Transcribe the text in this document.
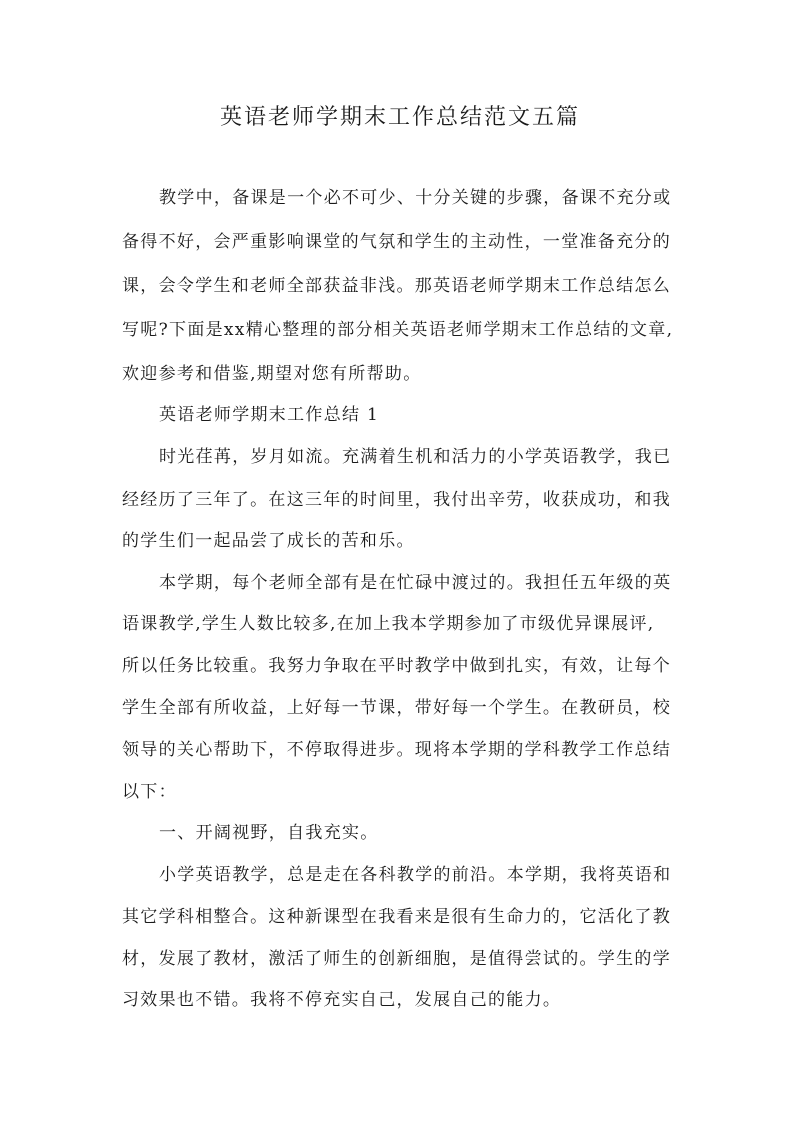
英语老师学期末工作总结范文五篇

教学中，备课是一个必不可少、十分关键的步骤，备课不充分或

备得不好，会严重影响课堂的气氛和学生的主动性，一堂准备充分的

课，会令学生和老师全部获益非浅。那英语老师学期末工作总结怎么

写呢?下面是xx精心整理的部分相关英语老师学期末工作总结的文章,

欢迎参考和借鉴,期望对您有所帮助。

英语老师学期末工作总结 1

时光荏苒，岁月如流。充满着生机和活力的小学英语教学，我已

经经历了三年了。在这三年的时间里，我付出辛劳，收获成功，和我

的学生们一起品尝了成长的苦和乐。

本学期，每个老师全部有是在忙碌中渡过的。我担任五年级的英

语课教学,学生人数比较多,在加上我本学期参加了市级优异课展评,

所以任务比较重。我努力争取在平时教学中做到扎实，有效，让每个

学生全部有所收益，上好每一节课，带好每一个学生。在教研员，校

领导的关心帮助下，不停取得进步。现将本学期的学科教学工作总结

以下：

一、开阔视野，自我充实。

小学英语教学，总是走在各科教学的前沿。本学期，我将英语和

其它学科相整合。这种新课型在我看来是很有生命力的，它活化了教

材，发展了教材，激活了师生的创新细胞，是值得尝试的。学生的学

习效果也不错。我将不停充实自己，发展自己的能力。
